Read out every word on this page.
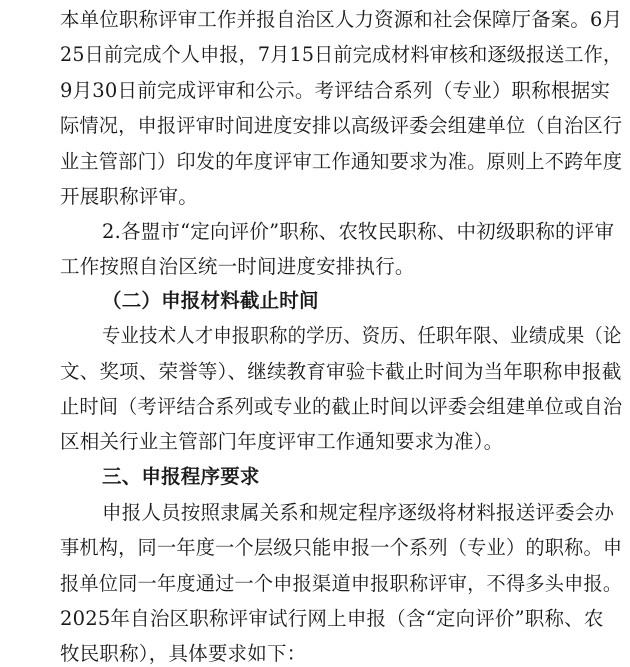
本单位职称评审工作并报自治区人力资源和社会保障厅备案。6月
25日前完成个人申报，7月15日前完成材料审核和逐级报送工作，
9月30日前完成评审和公示。考评结合系列（专业）职称根据实
际情况，申报评审时间进度安排以高级评委会组建单位（自治区行
业主管部门）印发的年度评审工作通知要求为准。原则上不跨年度
开展职称评审。
2.各盟市“定向评价”职称、农牧民职称、中初级职称的评审
工作按照自治区统一时间进度安排执行。
（二）申报材料截止时间
专业技术人才申报职称的学历、资历、任职年限、业绩成果（论
文、奖项、荣誉等）、继续教育审验卡截止时间为当年职称申报截
止时间（考评结合系列或专业的截止时间以评委会组建单位或自治
区相关行业主管部门年度评审工作通知要求为准）。
三、申报程序要求
申报人员按照隶属关系和规定程序逐级将材料报送评委会办
事机构，同一年度一个层级只能申报一个系列（专业）的职称。申
报单位同一年度通过一个申报渠道申报职称评审，不得多头申报。
2025年自治区职称评审试行网上申报（含“定向评价”职称、农
牧民职称），具体要求如下：
